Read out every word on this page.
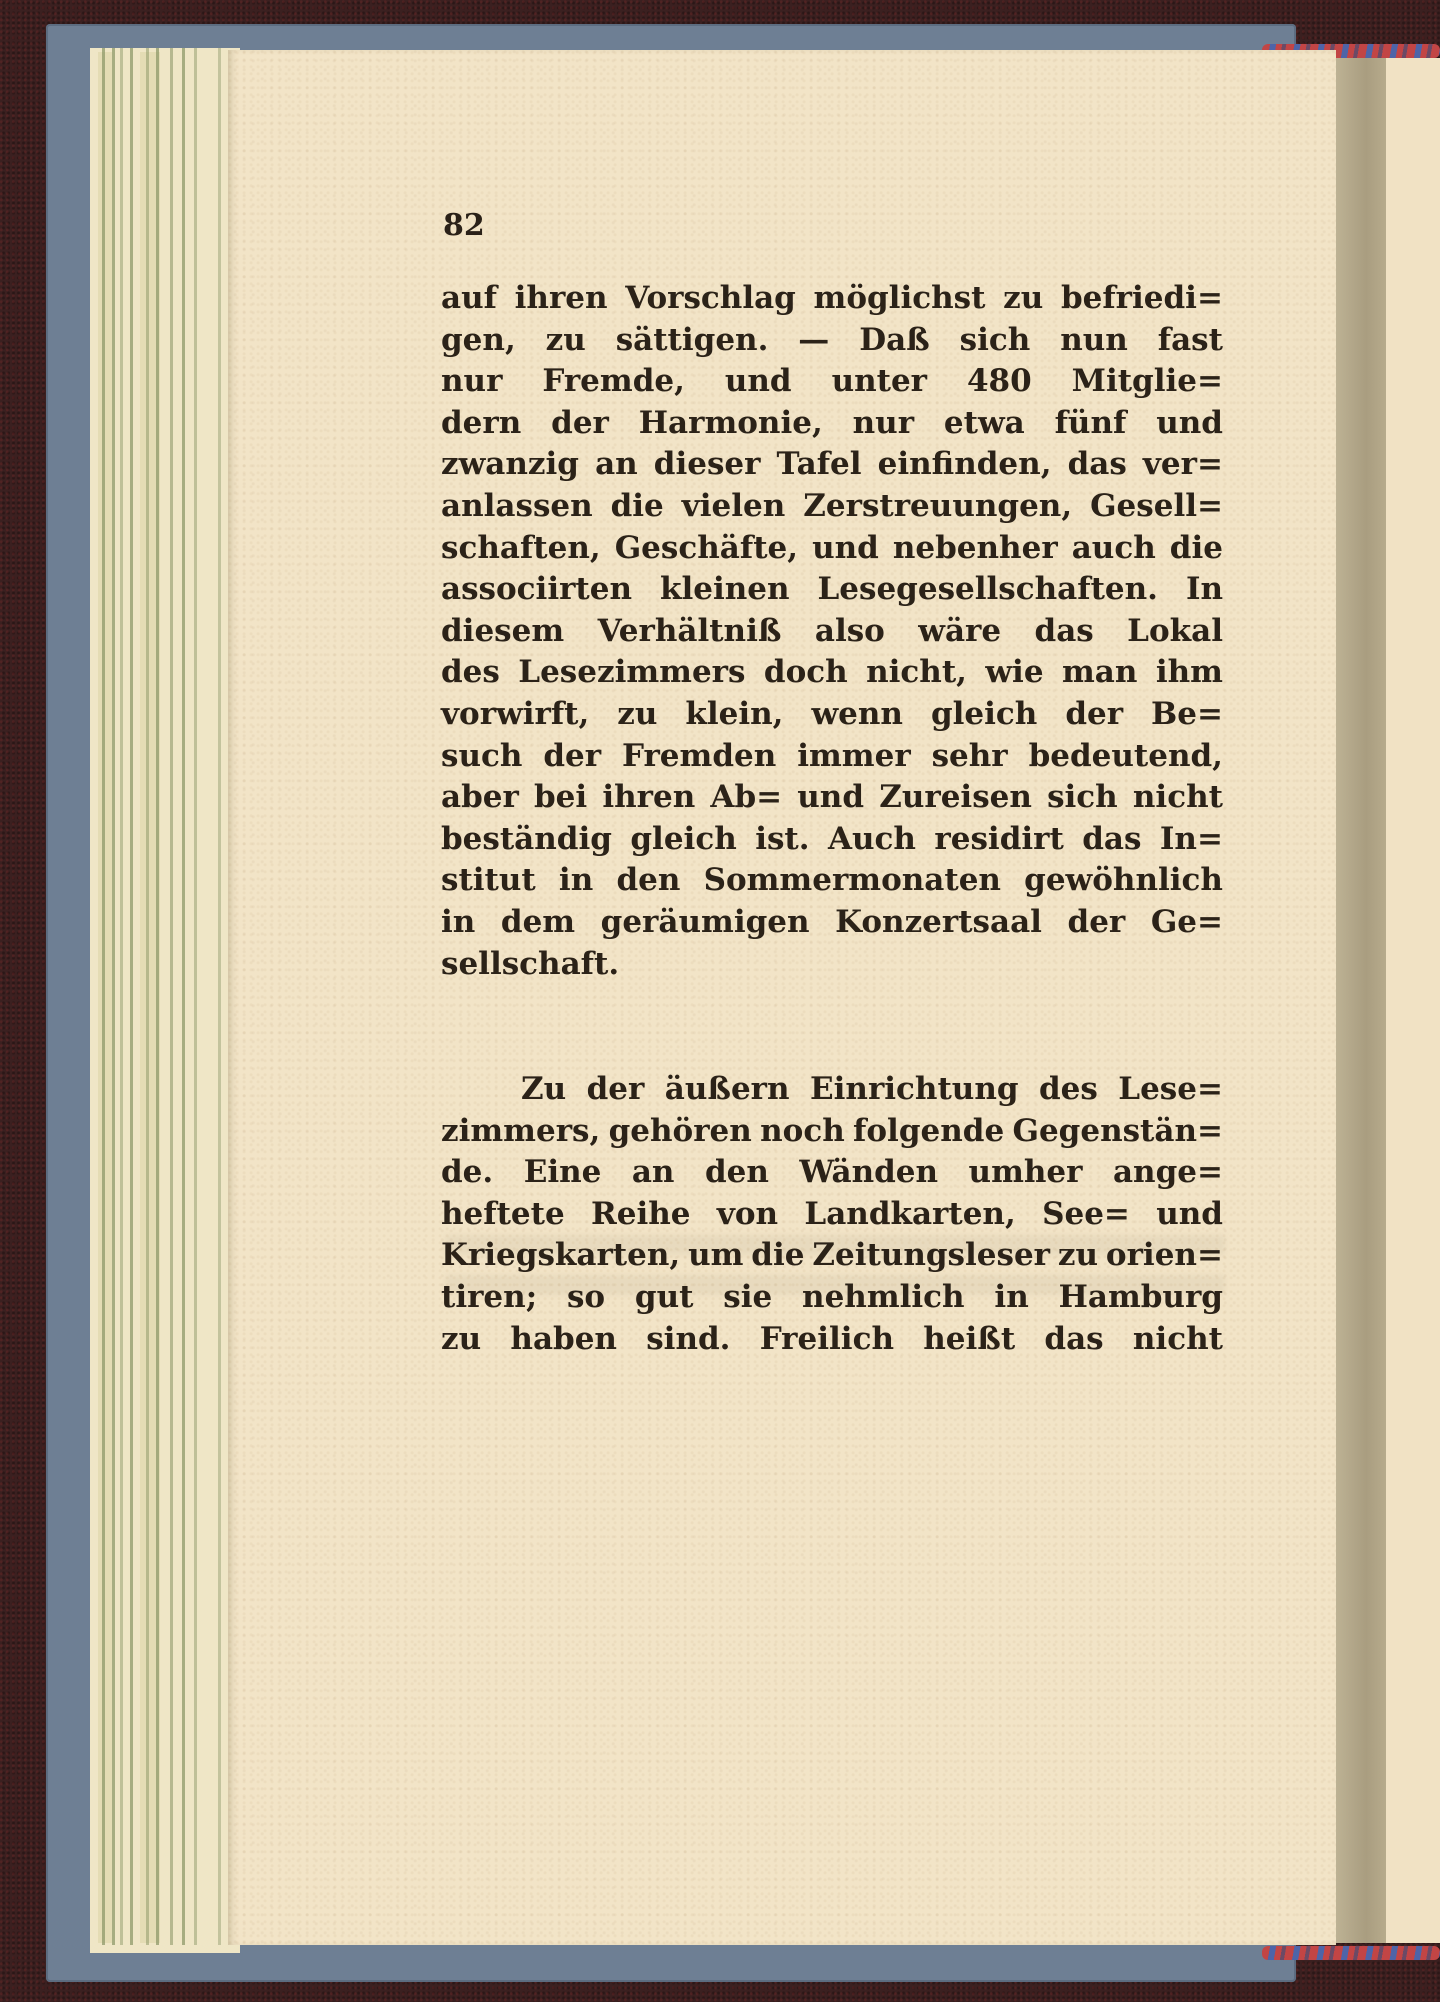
82
auf ihren Vorschlag möglichst zu befriedi=
gen, zu sättigen. — Daß sich nun fast
nur Fremde, und unter 480 Mitglie=
dern der Harmonie, nur etwa fünf und
zwanzig an dieser Tafel einfinden, das ver=
anlassen die vielen Zerstreuungen, Gesell=
schaften, Geschäfte, und nebenher auch die
associirten kleinen Lesegesellschaften. In
diesem Verhältniß also wäre das Lokal
des Lesezimmers doch nicht, wie man ihm
vorwirft, zu klein, wenn gleich der Be=
such der Fremden immer sehr bedeutend,
aber bei ihren Ab= und Zureisen sich nicht
beständig gleich ist. Auch residirt das In=
stitut in den Sommermonaten gewöhnlich
in dem geräumigen Konzertsaal der Ge=
sellschaft.
Zu der äußern Einrichtung des Lese=
zimmers, gehören noch folgende Gegenstän=
de. Eine an den Wänden umher ange=
heftete Reihe von Landkarten, See= und
Kriegskarten, um die Zeitungsleser zu orien=
tiren; so gut sie nehmlich in Hamburg
zu haben sind. Freilich heißt das nicht
